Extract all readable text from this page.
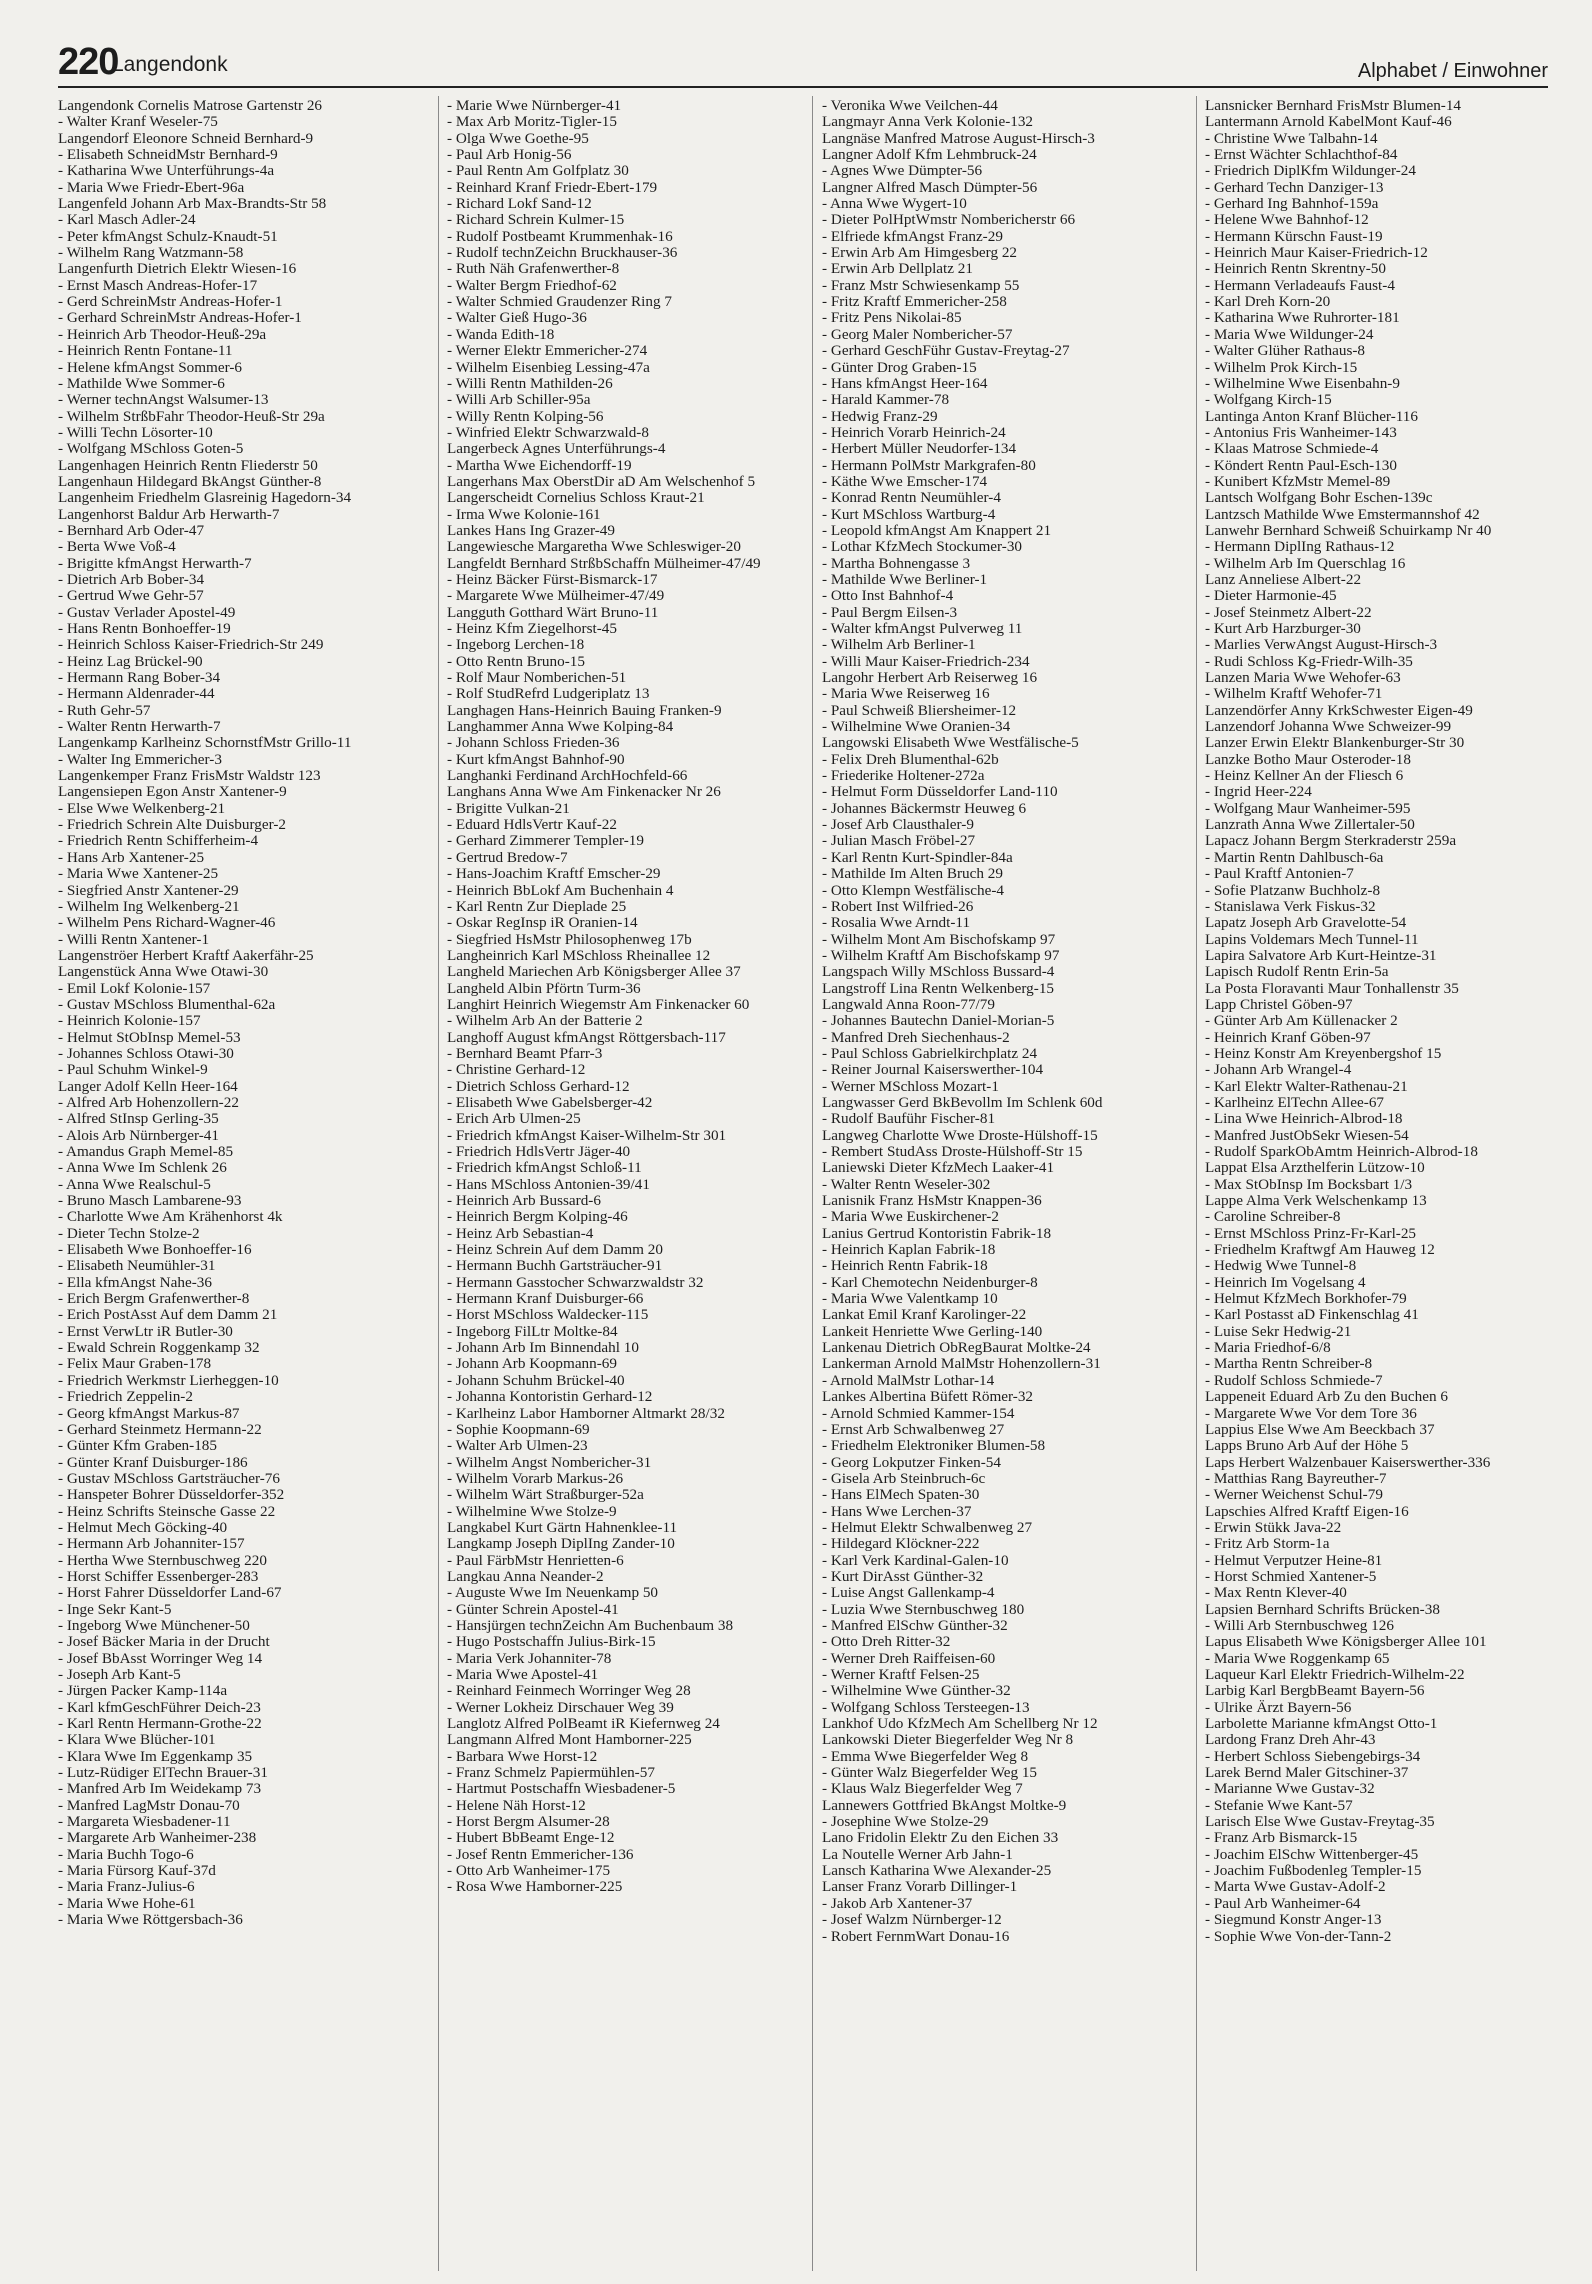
220
Langendonk	Alphabet / Einwohner
Langendonk Cornelis Matrose Gartenstr 26
- Walter Kranf Weseler-75
Langendorf Eleonore Schneid Bernhard-9
- Elisabeth SchneidMstr Bernhard-9
- Katharina Wwe Unterführungs-4a
- Maria Wwe Friedr-Ebert-96a
Langenfeld Johann Arb Max-Brandts-Str 58
- Karl Masch Adler-24
- Peter kfmAngst Schulz-Knaudt-51
- Wilhelm Rang Watzmann-58
Langenfurth Dietrich Elektr Wiesen-16
- Ernst Masch Andreas-Hofer-17
- Gerd SchreinMstr Andreas-Hofer-1
- Gerhard SchreinMstr Andreas-Hofer-1
- Heinrich Arb Theodor-Heuß-29a
- Heinrich Rentn Fontane-11
- Helene kfmAngst Sommer-6
- Mathilde Wwe Sommer-6
- Werner technAngst Walsumer-13
- Wilhelm StrßbFahr Theodor-Heuß-Str 29a
- Willi Techn Lösorter-10
- Wolfgang MSchloss Goten-5
Langenhagen Heinrich Rentn Fliederstr 50
Langenhaun Hildegard BkAngst Günther-8
Langenheim Friedhelm Glasreinig Hagedorn-34
Langenhorst Baldur Arb Herwarth-7
- Bernhard Arb Oder-47
- Berta Wwe Voß-4
- Brigitte kfmAngst Herwarth-7
- Dietrich Arb Bober-34
- Gertrud Wwe Gehr-57
- Gustav Verlader Apostel-49
- Hans Rentn Bonhoeffer-19
- Heinrich Schloss Kaiser-Friedrich-Str 249
- Heinz Lag Brückel-90
- Hermann Rang Bober-34
- Hermann Aldenrader-44
- Ruth Gehr-57
- Walter Rentn Herwarth-7
Langenkamp Karlheinz SchornstfMstr Grillo-11
- Walter Ing Emmericher-3
Langenkemper Franz FrisMstr Waldstr 123
Langensiepen Egon Anstr Xantener-9
- Else Wwe Welkenberg-21
- Friedrich Schrein Alte Duisburger-2
- Friedrich Rentn Schifferheim-4
- Hans Arb Xantener-25
- Maria Wwe Xantener-25
- Siegfried Anstr Xantener-29
- Wilhelm Ing Welkenberg-21
- Wilhelm Pens Richard-Wagner-46
- Willi Rentn Xantener-1
Langenströer Herbert Kraftf Aakerfähr-25
Langenstück Anna Wwe Otawi-30
- Emil Lokf Kolonie-157
- Gustav MSchloss Blumenthal-62a
- Heinrich Kolonie-157
- Helmut StObInsp Memel-53
- Johannes Schloss Otawi-30
- Paul Schuhm Winkel-9
Langer Adolf Kelln Heer-164
- Alfred Arb Hohenzollern-22
- Alfred StInsp Gerling-35
- Alois Arb Nürnberger-41
- Amandus Graph Memel-85
- Anna Wwe Im Schlenk 26
- Anna Wwe Realschul-5
- Bruno Masch Lambarene-93
- Charlotte Wwe Am Krähenhorst 4k
- Dieter Techn Stolze-2
- Elisabeth Wwe Bonhoeffer-16
- Elisabeth Neumühler-31
- Ella kfmAngst Nahe-36
- Erich Bergm Grafenwerther-8
- Erich PostAsst Auf dem Damm 21
- Ernst VerwLtr iR Butler-30
- Ewald Schrein Roggenkamp 32
- Felix Maur Graben-178
- Friedrich Werkmstr Lierheggen-10
- Friedrich Zeppelin-2
- Georg kfmAngst Markus-87
- Gerhard Steinmetz Hermann-22
- Günter Kfm Graben-185
- Günter Kranf Duisburger-186
- Gustav MSchloss Gartsträucher-76
- Hanspeter Bohrer Düsseldorfer-352
- Heinz Schrifts Steinsche Gasse 22
- Helmut Mech Göcking-40
- Hermann Arb Johanniter-157
- Hertha Wwe Sternbuschweg 220
- Horst Schiffer Essenberger-283
- Horst Fahrer Düsseldorfer Land-67
- Inge Sekr Kant-5
- Ingeborg Wwe Münchener-50
- Josef Bäcker Maria in der Drucht
- Josef BbAsst Worringer Weg 14
- Joseph Arb Kant-5
- Jürgen Packer Kamp-114a
- Karl kfmGeschFührer Deich-23
- Karl Rentn Hermann-Grothe-22
- Klara Wwe Blücher-101
- Klara Wwe Im Eggenkamp 35
- Lutz-Rüdiger ElTechn Brauer-31
- Manfred Arb Im Weidekamp 73
- Manfred LagMstr Donau-70
- Margareta Wiesbadener-11
- Margarete Arb Wanheimer-238
- Maria Buchh Togo-6
- Maria Fürsorg Kauf-37d
- Maria Franz-Julius-6
- Maria Wwe Hohe-61
- Maria Wwe Röttgersbach-36
- Marie Wwe Nürnberger-41
- Max Arb Moritz-Tigler-15
- Olga Wwe Goethe-95
- Paul Arb Honig-56
- Paul Rentn Am Golfplatz 30
- Reinhard Kranf Friedr-Ebert-179
- Richard Lokf Sand-12
- Richard Schrein Kulmer-15
- Rudolf Postbeamt Krummenhak-16
- Rudolf technZeichn Bruckhauser-36
- Ruth Näh Grafenwerther-8
- Walter Bergm Friedhof-62
- Walter Schmied Graudenzer Ring 7
- Walter Gieß Hugo-36
- Wanda Edith-18
- Werner Elektr Emmericher-274
- Wilhelm Eisenbieg Lessing-47a
- Willi Rentn Mathilden-26
- Willi Arb Schiller-95a
- Willy Rentn Kolping-56
- Winfried Elektr Schwarzwald-8
Langerbeck Agnes Unterführungs-4
- Martha Wwe Eichendorff-19
Langerhans Max OberstDir aD Am Welschenhof 5
Langerscheidt Cornelius Schloss Kraut-21
- Irma Wwe Kolonie-161
Lankes Hans Ing Grazer-49
Langewiesche Margaretha Wwe Schleswiger-20
Langfeldt Bernhard StrßbSchaffn Mülheimer-47/49
- Heinz Bäcker Fürst-Bismarck-17
- Margarete Wwe Mülheimer-47/49
Langguth Gotthard Wärt Bruno-11
- Heinz Kfm Ziegelhorst-45
- Ingeborg Lerchen-18
- Otto Rentn Bruno-15
- Rolf Maur Nomberichen-51
- Rolf StudRefrd Ludgeriplatz 13
Langhagen Hans-Heinrich Bauing Franken-9
Langhammer Anna Wwe Kolping-84
- Johann Schloss Frieden-36
- Kurt kfmAngst Bahnhof-90
Langhanki Ferdinand ArchHochfeld-66
Langhans Anna Wwe Am Finkenacker Nr 26
- Brigitte Vulkan-21
- Eduard HdlsVertr Kauf-22
- Gerhard Zimmerer Templer-19
- Gertrud Bredow-7
- Hans-Joachim Kraftf Emscher-29
- Heinrich BbLokf Am Buchenhain 4
- Karl Rentn Zur Dieplade 25
- Oskar RegInsp iR Oranien-14
- Siegfried HsMstr Philosophenweg 17b
Langheinrich Karl MSchloss Rheinallee 12
Langheld Mariechen Arb Königsberger Allee 37
Langheld Albin Pförtn Turm-36
Langhirt Heinrich Wiegemstr Am Finkenacker 60
- Wilhelm Arb An der Batterie 2
Langhoff August kfmAngst Röttgersbach-117
- Bernhard Beamt Pfarr-3
- Christine Gerhard-12
- Dietrich Schloss Gerhard-12
- Elisabeth Wwe Gabelsberger-42
- Erich Arb Ulmen-25
- Friedrich kfmAngst Kaiser-Wilhelm-Str 301
- Friedrich HdlsVertr Jäger-40
- Friedrich kfmAngst Schloß-11
- Hans MSchloss Antonien-39/41
- Heinrich Arb Bussard-6
- Heinrich Bergm Kolping-46
- Heinz Arb Sebastian-4
- Heinz Schrein Auf dem Damm 20
- Hermann Buchh Gartsträucher-91
- Hermann Gasstocher Schwarzwaldstr 32
- Hermann Kranf Duisburger-66
- Horst MSchloss Waldecker-115
- Ingeborg FilLtr Moltke-84
- Johann Arb Im Binnendahl 10
- Johann Arb Koopmann-69
- Johann Schuhm Brückel-40
- Johanna Kontoristin Gerhard-12
- Karlheinz Labor Hamborner Altmarkt 28/32
- Sophie Koopmann-69
- Walter Arb Ulmen-23
- Wilhelm Angst Nombericher-31
- Wilhelm Vorarb Markus-26
- Wilhelm Wärt Straßburger-52a
- Wilhelmine Wwe Stolze-9
Langkabel Kurt Gärtn Hahnenklee-11
Langkamp Joseph DiplIng Zander-10
- Paul FärbMstr Henrietten-6
Langkau Anna Neander-2
- Auguste Wwe Im Neuenkamp 50
- Günter Schrein Apostel-41
- Hansjürgen technZeichn Am Buchenbaum 38
- Hugo Postschaffn Julius-Birk-15
- Maria Verk Johanniter-78
- Maria Wwe Apostel-41
- Reinhard Feinmech Worringer Weg 28
- Werner Lokheiz Dirschauer Weg 39
Langlotz Alfred PolBeamt iR Kiefernweg 24
Langmann Alfred Mont Hamborner-225
- Barbara Wwe Horst-12
- Franz Schmelz Papiermühlen-57
- Hartmut Postschaffn Wiesbadener-5
- Helene Näh Horst-12
- Horst Bergm Alsumer-28
- Hubert BbBeamt Enge-12
- Josef Rentn Emmericher-136
- Otto Arb Wanheimer-175
- Rosa Wwe Hamborner-225
- Veronika Wwe Veilchen-44
Langmayr Anna Verk Kolonie-132
Langnäse Manfred Matrose August-Hirsch-3
Langner Adolf Kfm Lehmbruck-24
- Agnes Wwe Dümpter-56
Langner Alfred Masch Dümpter-56
- Anna Wwe Wygert-10
- Dieter PolHptWmstr Nombericherstr 66
- Elfriede kfmAngst Franz-29
- Erwin Arb Am Himgesberg 22
- Erwin Arb Dellplatz 21
- Franz Mstr Schwiesenkamp 55
- Fritz Kraftf Emmericher-258
- Fritz Pens Nikolai-85
- Georg Maler Nombericher-57
- Gerhard GeschFühr Gustav-Freytag-27
- Günter Drog Graben-15
- Hans kfmAngst Heer-164
- Harald Kammer-78
- Hedwig Franz-29
- Heinrich Vorarb Heinrich-24
- Herbert Müller Neudorfer-134
- Hermann PolMstr Markgrafen-80
- Käthe Wwe Emscher-174
- Konrad Rentn Neumühler-4
- Kurt MSchloss Wartburg-4
- Leopold kfmAngst Am Knappert 21
- Lothar KfzMech Stockumer-30
- Martha Bohnengasse 3
- Mathilde Wwe Berliner-1
- Otto Inst Bahnhof-4
- Paul Bergm Eilsen-3
- Walter kfmAngst Pulverweg 11
- Wilhelm Arb Berliner-1
- Willi Maur Kaiser-Friedrich-234
Langohr Herbert Arb Reiserweg 16
- Maria Wwe Reiserweg 16
- Paul Schweiß Bliersheimer-12
- Wilhelmine Wwe Oranien-34
Langowski Elisabeth Wwe Westfälische-5
- Felix Dreh Blumenthal-62b
- Friederike Holtener-272a
- Helmut Form Düsseldorfer Land-110
- Johannes Bäckermstr Heuweg 6
- Josef Arb Clausthaler-9
- Julian Masch Fröbel-27
- Karl Rentn Kurt-Spindler-84a
- Mathilde Im Alten Bruch 29
- Otto Klempn Westfälische-4
- Robert Inst Wilfried-26
- Rosalia Wwe Arndt-11
- Wilhelm Mont Am Bischofskamp 97
- Wilhelm Kraftf Am Bischofskamp 97
Langspach Willy MSchloss Bussard-4
Langstroff Lina Rentn Welkenberg-15
Langwald Anna Roon-77/79
- Johannes Bautechn Daniel-Morian-5
- Manfred Dreh Siechenhaus-2
- Paul Schloss Gabrielkirchplatz 24
- Reiner Journal Kaiserswerther-104
- Werner MSchloss Mozart-1
Langwasser Gerd BkBevollm Im Schlenk 60d
- Rudolf Bauführ Fischer-81
Langweg Charlotte Wwe Droste-Hülshoff-15
- Rembert StudAss Droste-Hülshoff-Str 15
Laniewski Dieter KfzMech Laaker-41
- Walter Rentn Weseler-302
Lanisnik Franz HsMstr Knappen-36
- Maria Wwe Euskirchener-2
Lanius Gertrud Kontoristin Fabrik-18
- Heinrich Kaplan Fabrik-18
- Heinrich Rentn Fabrik-18
- Karl Chemotechn Neidenburger-8
- Maria Wwe Valentkamp 10
Lankat Emil Kranf Karolinger-22
Lankeit Henriette Wwe Gerling-140
Lankenau Dietrich ObRegBaurat Moltke-24
Lankerman Arnold MalMstr Hohenzollern-31
- Arnold MalMstr Lothar-14
Lankes Albertina Büfett Römer-32
- Arnold Schmied Kammer-154
- Ernst Arb Schwalbenweg 27
- Friedhelm Elektroniker Blumen-58
- Georg Lokputzer Finken-54
- Gisela Arb Steinbruch-6c
- Hans ElMech Spaten-30
- Hans Wwe Lerchen-37
- Helmut Elektr Schwalbenweg 27
- Hildegard Klöckner-222
- Karl Verk Kardinal-Galen-10
- Kurt DirAsst Günther-32
- Luise Angst Gallenkamp-4
- Luzia Wwe Sternbuschweg 180
- Manfred ElSchw Günther-32
- Otto Dreh Ritter-32
- Werner Dreh Raiffeisen-60
- Werner Kraftf Felsen-25
- Wilhelmine Wwe Günther-32
- Wolfgang Schloss Tersteegen-13
Lankhof Udo KfzMech Am Schellberg Nr 12
Lankowski Dieter Biegerfelder Weg Nr 8
- Emma Wwe Biegerfelder Weg 8
- Günter Walz Biegerfelder Weg 15
- Klaus Walz Biegerfelder Weg 7
Lannewers Gottfried BkAngst Moltke-9
- Josephine Wwe Stolze-29
Lano Fridolin Elektr Zu den Eichen 33
La Noutelle Werner Arb Jahn-1
Lansch Katharina Wwe Alexander-25
Lanser Franz Vorarb Dillinger-1
- Jakob Arb Xantener-37
- Josef Walzm Nürnberger-12
- Robert FernmWart Donau-16
Lansnicker Bernhard FrisMstr Blumen-14
Lantermann Arnold KabelMont Kauf-46
- Christine Wwe Talbahn-14
- Ernst Wächter Schlachthof-84
- Friedrich DiplKfm Wildunger-24
- Gerhard Techn Danziger-13
- Gerhard Ing Bahnhof-159a
- Helene Wwe Bahnhof-12
- Hermann Kürschn Faust-19
- Heinrich Maur Kaiser-Friedrich-12
- Heinrich Rentn Skrentny-50
- Hermann Verladeaufs Faust-4
- Karl Dreh Korn-20
- Katharina Wwe Ruhrorter-181
- Maria Wwe Wildunger-24
- Walter Glüher Rathaus-8
- Wilhelm Prok Kirch-15
- Wilhelmine Wwe Eisenbahn-9
- Wolfgang Kirch-15
Lantinga Anton Kranf Blücher-116
- Antonius Fris Wanheimer-143
- Klaas Matrose Schmiede-4
- Köndert Rentn Paul-Esch-130
- Kunibert KfzMstr Memel-89
Lantsch Wolfgang Bohr Eschen-139c
Lantzsch Mathilde Wwe Emstermannshof 42
Lanwehr Bernhard Schweiß Schuirkamp Nr 40
- Hermann DiplIng Rathaus-12
- Wilhelm Arb Im Querschlag 16
Lanz Anneliese Albert-22
- Dieter Harmonie-45
- Josef Steinmetz Albert-22
- Kurt Arb Harzburger-30
- Marlies VerwAngst August-Hirsch-3
- Rudi Schloss Kg-Friedr-Wilh-35
Lanzen Maria Wwe Wehofer-63
- Wilhelm Kraftf Wehofer-71
Lanzendörfer Anny KrkSchwester Eigen-49
Lanzendorf Johanna Wwe Schweizer-99
Lanzer Erwin Elektr Blankenburger-Str 30
Lanzke Botho Maur Osteroder-18
- Heinz Kellner An der Fliesch 6
- Ingrid Heer-224
- Wolfgang Maur Wanheimer-595
Lanzrath Anna Wwe Zillertaler-50
Lapacz Johann Bergm Sterkraderstr 259a
- Martin Rentn Dahlbusch-6a
- Paul Kraftf Antonien-7
- Sofie Platzanw Buchholz-8
- Stanislawa Verk Fiskus-32
Lapatz Joseph Arb Gravelotte-54
Lapins Voldemars Mech Tunnel-11
Lapira Salvatore Arb Kurt-Heintze-31
Lapisch Rudolf Rentn Erin-5a
La Posta Floravanti Maur Tonhallenstr 35
Lapp Christel Göben-97
- Günter Arb Am Küllenacker 2
- Heinrich Kranf Göben-97
- Heinz Konstr Am Kreyenbergshof 15
- Johann Arb Wrangel-4
- Karl Elektr Walter-Rathenau-21
- Karlheinz ElTechn Allee-67
- Lina Wwe Heinrich-Albrod-18
- Manfred JustObSekr Wiesen-54
- Rudolf SparkObAmtm Heinrich-Albrod-18
Lappat Elsa Arzthelferin Lützow-10
- Max StObInsp Im Bocksbart 1/3
Lappe Alma Verk Welschenkamp 13
- Caroline Schreiber-8
- Ernst MSchloss Prinz-Fr-Karl-25
- Friedhelm Kraftwgf Am Hauweg 12
- Hedwig Wwe Tunnel-8
- Heinrich Im Vogelsang 4
- Helmut KfzMech Borkhofer-79
- Karl Postasst aD Finkenschlag 41
- Luise Sekr Hedwig-21
- Maria Friedhof-6/8
- Martha Rentn Schreiber-8
- Rudolf Schloss Schmiede-7
Lappeneit Eduard Arb Zu den Buchen 6
- Margarete Wwe Vor dem Tore 36
Lappius Else Wwe Am Beeckbach 37
Lapps Bruno Arb Auf der Höhe 5
Laps Herbert Walzenbauer Kaiserswerther-336
- Matthias Rang Bayreuther-7
- Werner Weichenst Schul-79
Lapschies Alfred Kraftf Eigen-16
- Erwin Stükk Java-22
- Fritz Arb Storm-1a
- Helmut Verputzer Heine-81
- Horst Schmied Xantener-5
- Max Rentn Klever-40
Lapsien Bernhard Schrifts Brücken-38
- Willi Arb Sternbuschweg 126
Lapus Elisabeth Wwe Königsberger Allee 101
- Maria Wwe Roggenkamp 65
Laqueur Karl Elektr Friedrich-Wilhelm-22
Larbig Karl BergbBeamt Bayern-56
- Ulrike Ärzt Bayern-56
Larbolette Marianne kfmAngst Otto-1
Lardong Franz Dreh Ahr-43
- Herbert Schloss Siebengebirgs-34
Larek Bernd Maler Gitschiner-37
- Marianne Wwe Gustav-32
- Stefanie Wwe Kant-57
Larisch Else Wwe Gustav-Freytag-35
- Franz Arb Bismarck-15
- Joachim ElSchw Wittenberger-45
- Joachim Fußbodenleg Templer-15
- Marta Wwe Gustav-Adolf-2
- Paul Arb Wanheimer-64
- Siegmund Konstr Anger-13
- Sophie Wwe Von-der-Tann-2
